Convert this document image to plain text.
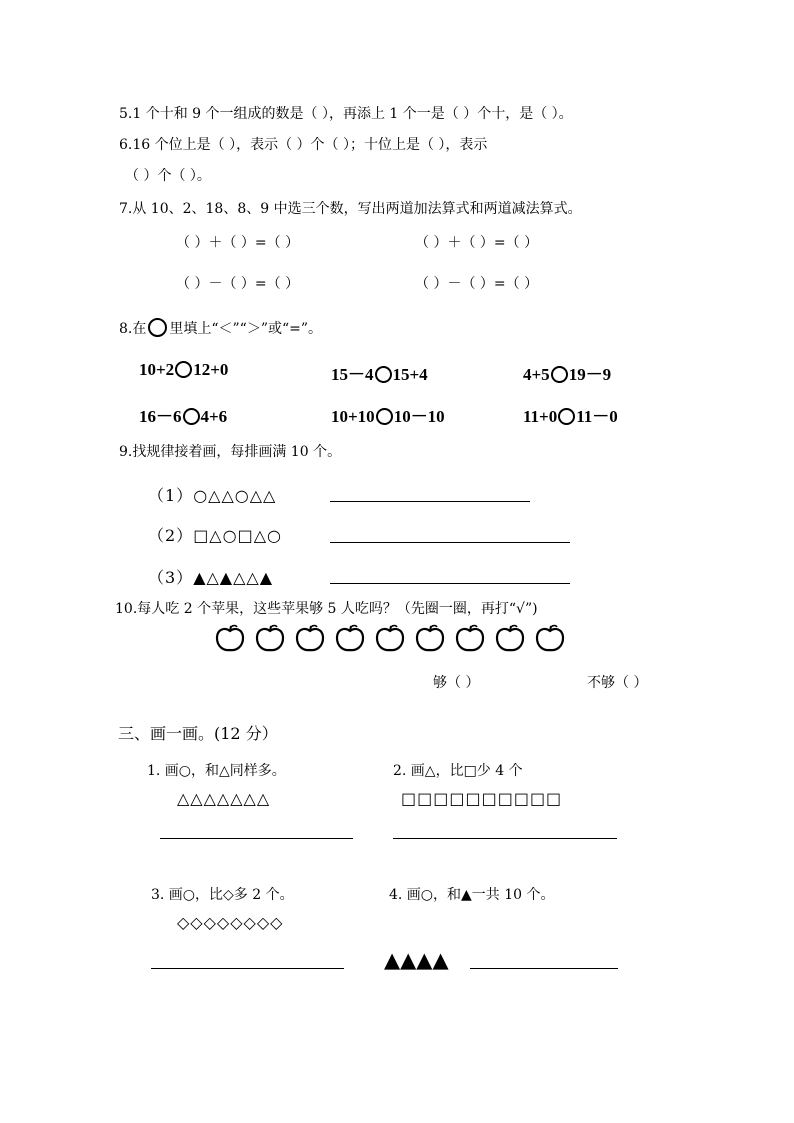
5.1 个十和 9 个一组成的数是（ ），再添上 1 个一是（ ）个十，是（ ）。
6.16 个位上是（ ），表示（ ）个（ ）；十位上是（ ），表示
（ ）个（ ）。
7.从 10、2、18、8、9 中选三个数，写出两道加法算式和两道减法算式。
（ ）＋（ ）=（ ）	（ ）＋（ ）=（ ）
（ ）－（ ）=（ ）	（ ）－（ ）=（ ）
8.在 里填上“＜”“＞”或“=”。
10+2 12+0	15－4 15+4	4+5 19－9
16－6 4+6	10+10 10－10	11+0 11－0
9.找规律接着画，每排画满 10 个。
（1）○△△○△△
（2）□△○□△○
（3）▲△▲△△▲
10.每人吃 2 个苹果，这些苹果够 5 人吃吗？（先圈一圈，再打“√”)
够（ ）	不够（ ）
三、画一画。(12 分）
1. 画○，和△同样多。
△△△△△△△
2. 画△，比□少 4 个
□□□□□□□□□□
3. 画○，比◇多 2 个。
◇◇◇◇◇◇◇◇
4. 画○，和▲一共 10 个。
▲▲▲▲
